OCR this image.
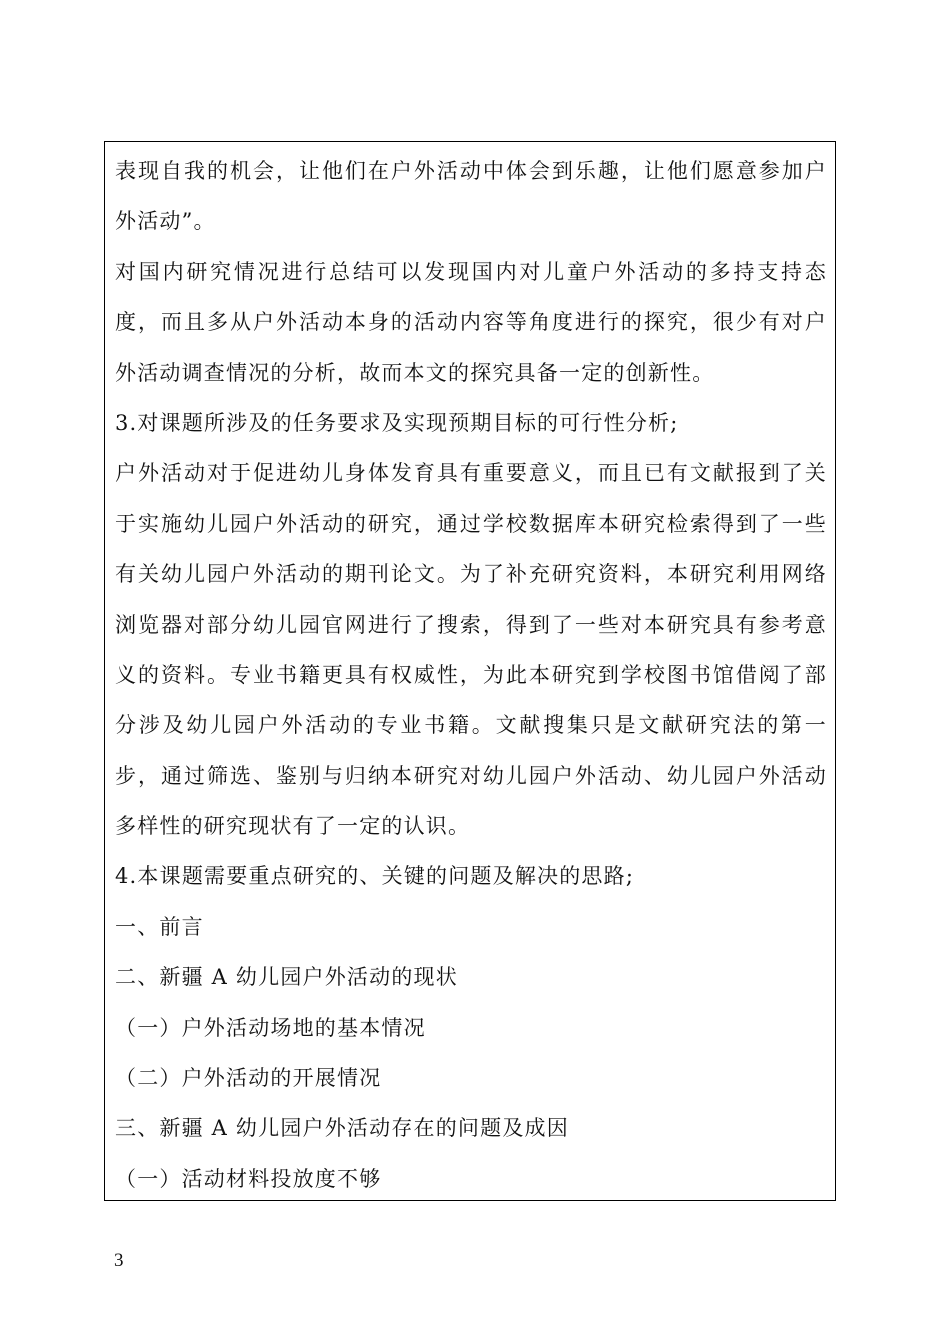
表现自我的机会，让他们在户外活动中体会到乐趣，让他们愿意参加户
外活动”。
对国内研究情况进行总结可以发现国内对儿童户外活动的多持支持态
度，而且多从户外活动本身的活动内容等角度进行的探究，很少有对户
外活动调查情况的分析，故而本文的探究具备一定的创新性。
3.对课题所涉及的任务要求及实现预期目标的可行性分析;
户外活动对于促进幼儿身体发育具有重要意义，而且已有文献报到了关
于实施幼儿园户外活动的研究，通过学校数据库本研究检索得到了一些
有关幼儿园户外活动的期刊论文。为了补充研究资料，本研究利用网络
浏览器对部分幼儿园官网进行了搜索，得到了一些对本研究具有参考意
义的资料。专业书籍更具有权威性，为此本研究到学校图书馆借阅了部
分涉及幼儿园户外活动的专业书籍。文献搜集只是文献研究法的第一
步，通过筛选、鉴别与归纳本研究对幼儿园户外活动、幼儿园户外活动
多样性的研究现状有了一定的认识。
4.本课题需要重点研究的、关键的问题及解决的思路;
一、前言
二、新疆 A 幼儿园户外活动的现状
（一）户外活动场地的基本情况
（二）户外活动的开展情况
三、新疆 A 幼儿园户外活动存在的问题及成因
（一）活动材料投放度不够
3
